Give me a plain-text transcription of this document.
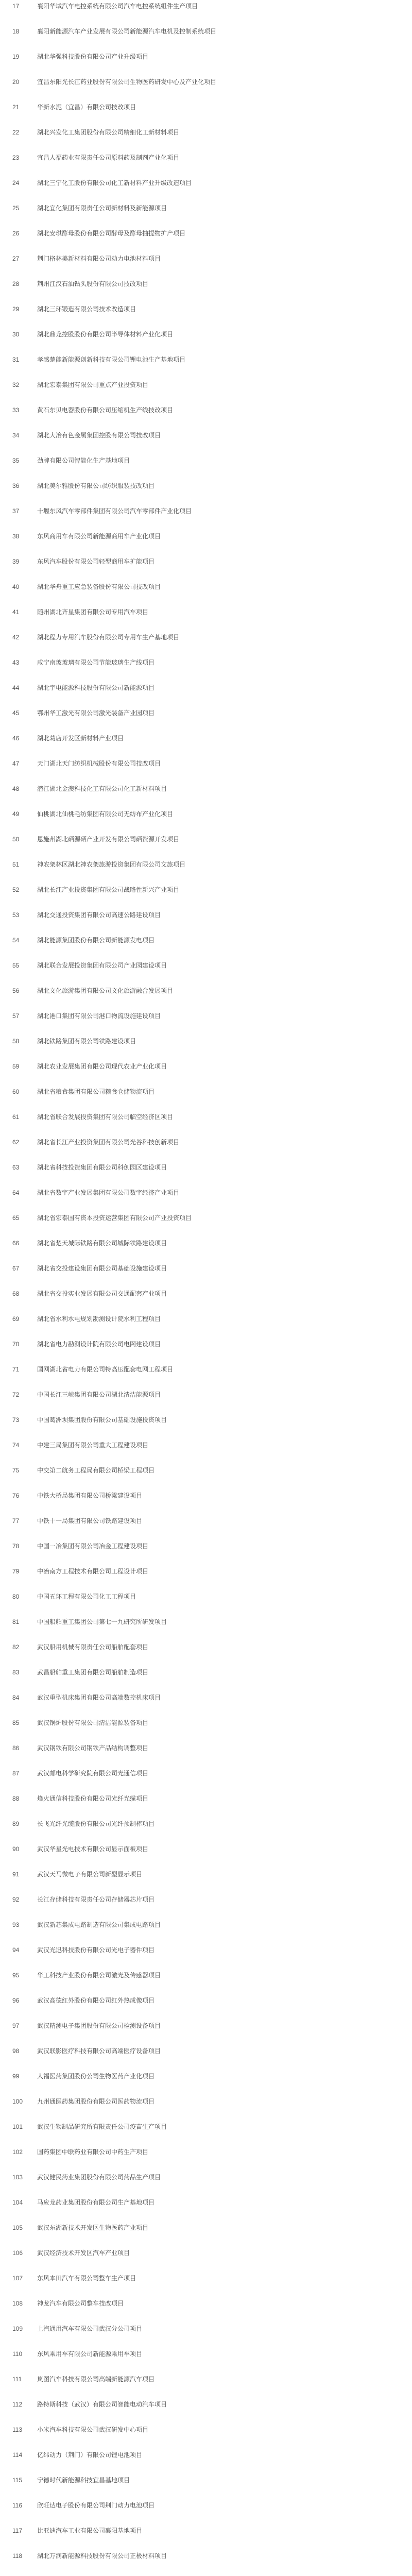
17	襄阳华域汽车电控系统有限公司汽车电控系统组件生产项目
18	襄阳新能源汽车产业发展有限公司新能源汽车电机及控制系统项目
19	湖北华强科技股份有限公司产业升级项目
20	宜昌东阳光长江药业股份有限公司生物医药研发中心及产业化项目
21	华新水泥（宜昌）有限公司技改项目
22	湖北兴发化工集团股份有限公司精细化工新材料项目
23	宜昌人福药业有限责任公司原料药及制剂产业化项目
24	湖北三宁化工股份有限公司化工新材料产业升级改造项目
25	湖北宜化集团有限责任公司新材料及新能源项目
26	湖北安琪酵母股份有限公司酵母及酵母抽提物扩产项目
27	荆门格林美新材料有限公司动力电池材料项目
28	荆州江汉石油钻头股份有限公司技改项目
29	湖北三环锻造有限公司技术改造项目
30	湖北鼎龙控股股份有限公司半导体材料产业化项目
31	孝感楚能新能源创新科技有限公司锂电池生产基地项目
32	湖北宏泰集团有限公司重点产业投资项目
33	黄石东贝电器股份有限公司压缩机生产线技改项目
34	湖北大冶有色金属集团控股有限公司技改项目
35	劲牌有限公司智能化生产基地项目
36	湖北美尔雅股份有限公司纺织服装技改项目
37	十堰东风汽车零部件集团有限公司汽车零部件产业化项目
38	东风商用车有限公司新能源商用车产业化项目
39	东风汽车股份有限公司轻型商用车扩能项目
40	湖北华舟重工应急装备股份有限公司技改项目
41	随州湖北齐星集团有限公司专用汽车项目
42	湖北程力专用汽车股份有限公司专用车生产基地项目
43	咸宁南玻玻璃有限公司节能玻璃生产线项目
44	湖北宇电能源科技股份有限公司新能源项目
45	鄂州华工激光有限公司激光装备产业园项目
46	湖北葛店开发区新材料产业项目
47	天门湖北天门纺织机械股份有限公司技改项目
48	潜江湖北金澳科技化工有限公司化工新材料项目
49	仙桃湖北仙桃毛纺集团有限公司无纺布产业化项目
50	恩施州湖北硒源硒产业开发有限公司硒资源开发项目
51	神农架林区湖北神农架旅游投资集团有限公司文旅项目
52	湖北长江产业投资集团有限公司战略性新兴产业项目
53	湖北交通投资集团有限公司高速公路建设项目
54	湖北能源集团股份有限公司新能源发电项目
55	湖北联合发展投资集团有限公司产业园建设项目
56	湖北文化旅游集团有限公司文化旅游融合发展项目
57	湖北港口集团有限公司港口物流设施建设项目
58	湖北铁路集团有限公司铁路建设项目
59	湖北农业发展集团有限公司现代农业产业化项目
60	湖北省粮食集团有限公司粮食仓储物流项目
61	湖北省联合发展投资集团有限公司临空经济区项目
62	湖北省长江产业投资集团有限公司光谷科技创新项目
63	湖北省科技投资集团有限公司科创园区建设项目
64	湖北省数字产业发展集团有限公司数字经济产业项目
65	湖北省宏泰国有资本投资运营集团有限公司产业投资项目
66	湖北省楚天城际铁路有限公司城际铁路建设项目
67	湖北省交投建设集团有限公司基础设施建设项目
68	湖北省交投实业发展有限公司交通配套产业项目
69	湖北省水利水电规划勘测设计院水利工程项目
70	湖北省电力勘测设计院有限公司电网建设项目
71	国网湖北省电力有限公司特高压配套电网工程项目
72	中国长江三峡集团有限公司湖北清洁能源项目
73	中国葛洲坝集团股份有限公司基础设施投资项目
74	中建三局集团有限公司重大工程建设项目
75	中交第二航务工程局有限公司桥梁工程项目
76	中铁大桥局集团有限公司桥梁建设项目
77	中铁十一局集团有限公司铁路建设项目
78	中国一冶集团有限公司冶金工程建设项目
79	中冶南方工程技术有限公司工程设计项目
80	中国五环工程有限公司化工工程项目
81	中国船舶重工集团公司第七一九研究所研发项目
82	武汉船用机械有限责任公司船舶配套项目
83	武昌船舶重工集团有限公司船舶制造项目
84	武汉重型机床集团有限公司高端数控机床项目
85	武汉锅炉股份有限公司清洁能源装备项目
86	武汉钢铁有限公司钢铁产品结构调整项目
87	武汉邮电科学研究院有限公司光通信项目
88	烽火通信科技股份有限公司光纤光缆项目
89	长飞光纤光缆股份有限公司光纤预制棒项目
90	武汉华星光电技术有限公司显示面板项目
91	武汉天马微电子有限公司新型显示项目
92	长江存储科技有限责任公司存储器芯片项目
93	武汉新芯集成电路制造有限公司集成电路项目
94	武汉光迅科技股份有限公司光电子器件项目
95	华工科技产业股份有限公司激光及传感器项目
96	武汉高德红外股份有限公司红外热成像项目
97	武汉精测电子集团股份有限公司检测设备项目
98	武汉联影医疗科技有限公司高端医疗设备项目
99	人福医药集团股份公司生物医药产业化项目
100	九州通医药集团股份有限公司医药物流项目
101	武汉生物制品研究所有限责任公司疫苗生产项目
102	国药集团中联药业有限公司中药生产项目
103	武汉健民药业集团股份有限公司药品生产项目
104	马应龙药业集团股份有限公司生产基地项目
105	武汉东湖新技术开发区生物医药产业项目
106	武汉经济技术开发区汽车产业项目
107	东风本田汽车有限公司整车生产项目
108	神龙汽车有限公司整车技改项目
109	上汽通用汽车有限公司武汉分公司项目
110	东风乘用车有限公司新能源乘用车项目
111	岚图汽车科技有限公司高端新能源汽车项目
112	路特斯科技（武汉）有限公司智能电动汽车项目
113	小米汽车科技有限公司武汉研发中心项目
114	亿纬动力（荆门）有限公司锂电池项目
115	宁德时代新能源科技宜昌基地项目
116	欣旺达电子股份有限公司荆门动力电池项目
117	比亚迪汽车工业有限公司襄阳基地项目
118	湖北万润新能源科技股份有限公司正极材料项目
